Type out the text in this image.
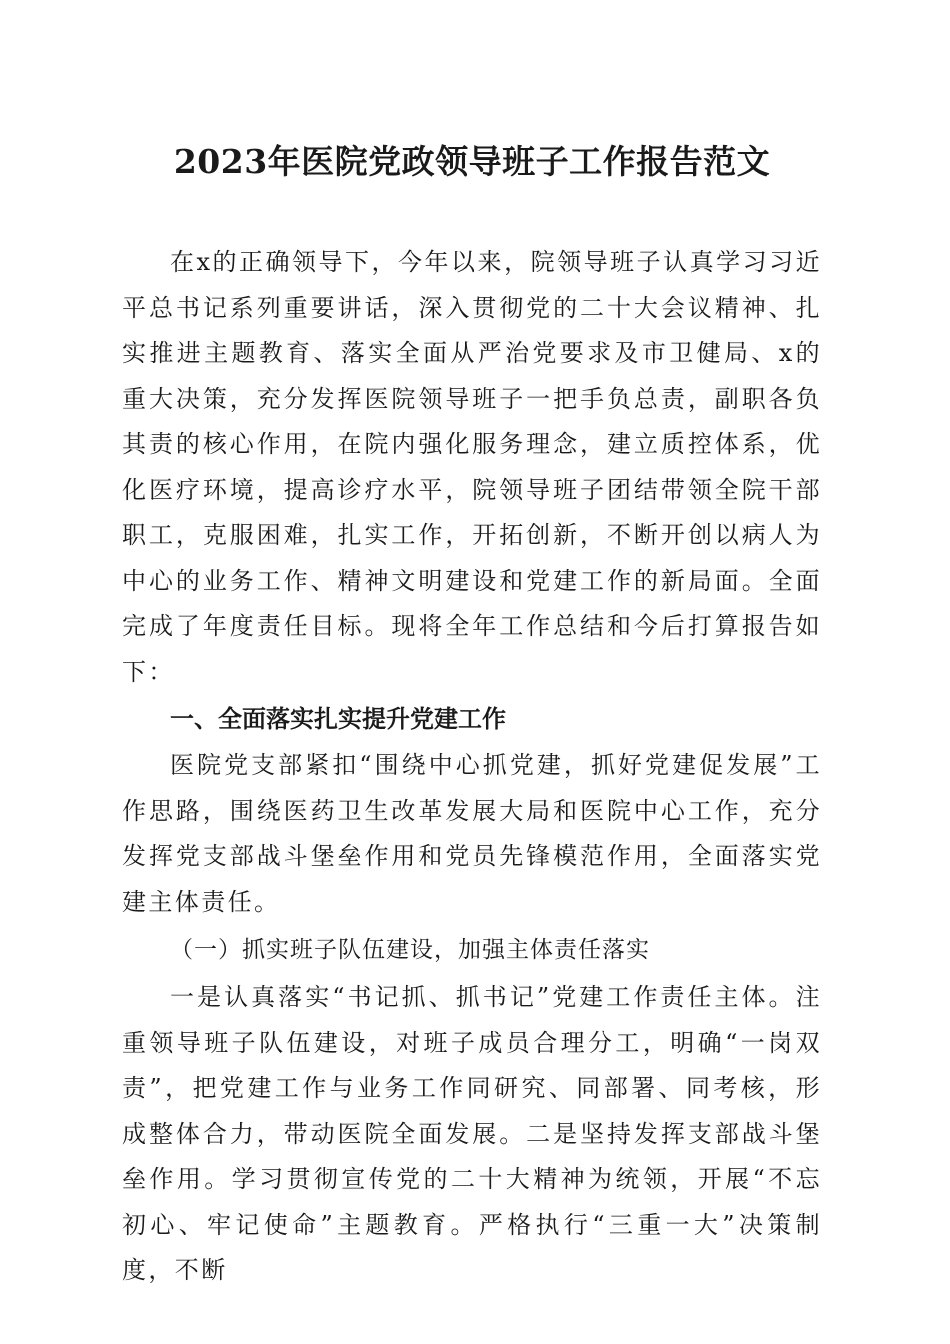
2023年医院党政领导班子工作报告范文

在x的正确领导下，今年以来，院领导班子认真学习习近平总书记系列重要讲话，深入贯彻党的二十大会议精神、扎实推进主题教育、落实全面从严治党要求及市卫健局、x的重大决策，充分发挥医院领导班子一把手负总责，副职各负其责的核心作用，在院内强化服务理念，建立质控体系，优化医疗环境，提高诊疗水平，院领导班子团结带领全院干部职工，克服困难，扎实工作，开拓创新，不断开创以病人为中心的业务工作、精神文明建设和党建工作的新局面。全面完成了年度责任目标。现将全年工作总结和今后打算报告如下：

一、全面落实扎实提升党建工作

医院党支部紧扣“围绕中心抓党建，抓好党建促发展”工作思路，围绕医药卫生改革发展大局和医院中心工作，充分发挥党支部战斗堡垒作用和党员先锋模范作用，全面落实党建主体责任。

（一）抓实班子队伍建设，加强主体责任落实

一是认真落实“书记抓、抓书记”党建工作责任主体。注重领导班子队伍建设，对班子成员合理分工，明确“一岗双责”，把党建工作与业务工作同研究、同部署、同考核，形成整体合力，带动医院全面发展。二是坚持发挥支部战斗堡垒作用。学习贯彻宣传党的二十大精神为统领，开展“不忘初心、牢记使命”主题教育。严格执行“三重一大”决策制度，不断
